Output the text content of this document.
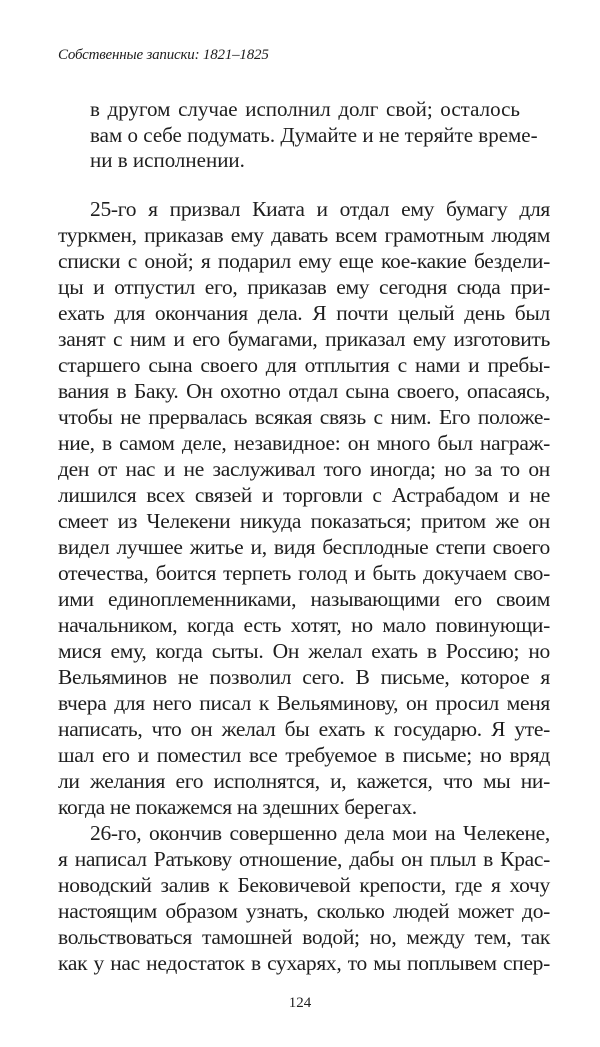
Собственные записки: 1821–1825
в другом случае исполнил долг свой; осталось
вам о себе подумать. Думайте и не теряйте време-
ни в исполнении.
25-го я призвал Киата и отдал ему бумагу для
туркмен, приказав ему давать всем грамотным людям
списки с оной; я подарил ему еще кое-какие бездели-
цы и отпустил его, приказав ему сегодня сюда при-
ехать для окончания дела. Я почти целый день был
занят с ним и его бумагами, приказал ему изготовить
старшего сына своего для отплытия с нами и пребы-
вания в Баку. Он охотно отдал сына своего, опасаясь,
чтобы не прервалась всякая связь с ним. Его положе-
ние, в самом деле, незавидное: он много был награж-
ден от нас и не заслуживал того иногда; но за то он
лишился всех связей и торговли с Астрабадом и не
смеет из Челекени никуда показаться; притом же он
видел лучшее житье и, видя бесплодные степи своего
отечества, боится терпеть голод и быть докучаем сво-
ими единоплеменниками, называющими его своим
начальником, когда есть хотят, но мало повинующи-
мися ему, когда сыты. Он желал ехать в Россию; но
Вельяминов не позволил сего. В письме, которое я
вчера для него писал к Вельяминову, он просил меня
написать, что он желал бы ехать к государю. Я уте-
шал его и поместил все требуемое в письме; но вряд
ли желания его исполнятся, и, кажется, что мы ни-
когда не покажемся на здешних берегах.
26-го, окончив совершенно дела мои на Челекене,
я написал Ратькову отношение, дабы он плыл в Крас-
новодский залив к Бековичевой крепости, где я хочу
настоящим образом узнать, сколько людей может до-
вольствоваться тамошней водой; но, между тем, так
как у нас недостаток в сухарях, то мы поплывем спер-
124
